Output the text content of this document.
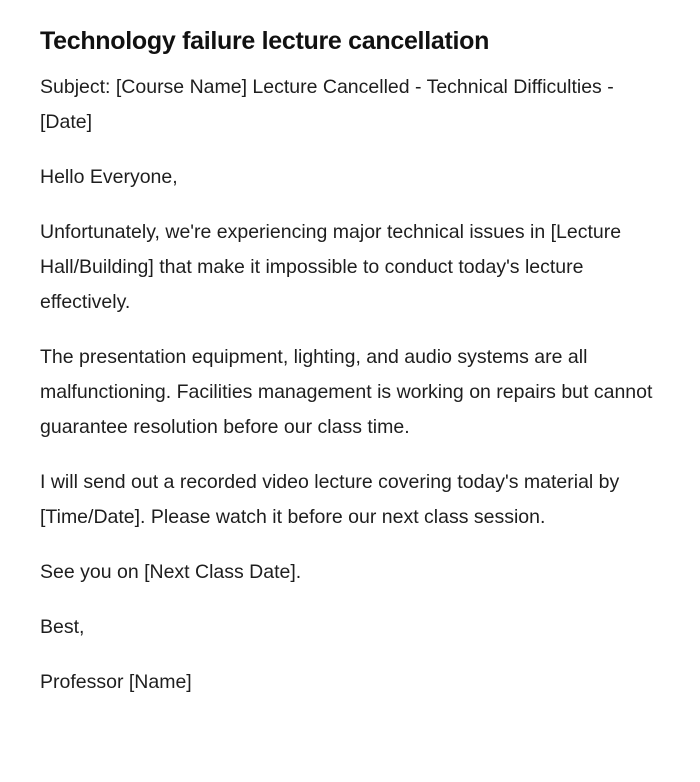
Technology failure lecture cancellation

Subject: [Course Name] Lecture Cancelled - Technical Difficulties - [Date]

Hello Everyone,

Unfortunately, we're experiencing major technical issues in [Lecture Hall/Building] that make it impossible to conduct today's lecture effectively.

The presentation equipment, lighting, and audio systems are all malfunctioning. Facilities management is working on repairs but cannot guarantee resolution before our class time.

I will send out a recorded video lecture covering today's material by [Time/Date]. Please watch it before our next class session.

See you on [Next Class Date].

Best,

Professor [Name]
